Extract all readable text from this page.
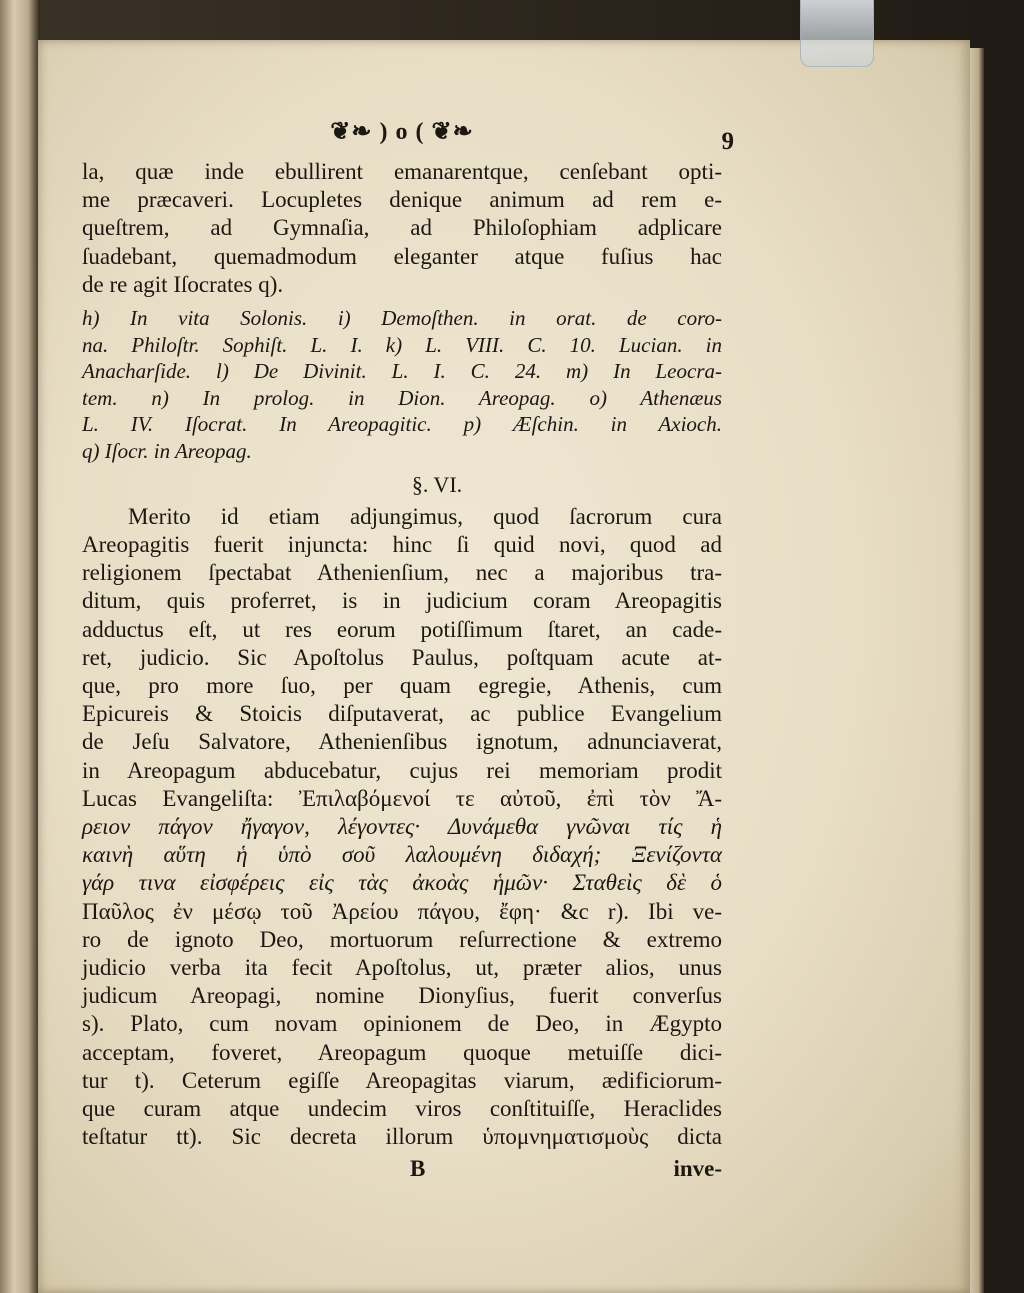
❦❧ ) o ( ❦❧	9
la, quæ inde ebullirent emanarentque, cenſebant opti-
me præcaveri. Locupletes denique animum ad rem e-
queſtrem, ad Gymnaſia, ad Philoſophiam adplicare
ſuadebant, quemadmodum eleganter atque fuſius hac
de re agit Iſocrates q).
h) In vita Solonis. i) Demoſthen. in orat. de coro-
na. Philoſtr. Sophiſt. L. I. k) L. VIII. C. 10. Lucian. in
Anacharſide. l) De Divinit. L. I. C. 24. m) In Leocra-
tem. n) In prolog. in Dion. Areopag. o) Athenæus
L. IV. Iſocrat. In Areopagitic. p) Æſchin. in Axioch.
q) Iſocr. in Areopag.
§. VI.
Merito id etiam adjungimus, quod ſacrorum cura
Areopagitis fuerit injuncta: hinc ſi quid novi, quod ad
religionem ſpectabat Athenienſium, nec a majoribus tra-
ditum, quis proferret, is in judicium coram Areopagitis
adductus eſt, ut res eorum potiſſimum ſtaret, an cade-
ret, judicio. Sic Apoſtolus Paulus, poſtquam acute at-
que, pro more ſuo, per quam egregie, Athenis, cum
Epicureis & Stoicis diſputaverat, ac publice Evangelium
de Jeſu Salvatore, Athenienſibus ignotum, adnunciaverat,
in Areopagum abducebatur, cujus rei memoriam prodit
Lucas Evangeliſta: Ἐπιλαβόμενοί τε αὐτοῦ, ἐπὶ τὸν Ἄ-
ρειον πάγον ἤγαγον, λέγοντες· Δυνάμεθα γνῶναι τίς ἡ
καινὴ αὕτη ἡ ὑπὸ σοῦ λαλουμένη διδαχή; Ξενίζοντα
γάρ τινα εἰσφέρεις εἰς τὰς ἀκοὰς ἡμῶν· Σταθεὶς δὲ ὁ
Παῦλος ἐν μέσῳ τοῦ Ἀρείου πάγου, ἔφη· &c r). Ibi ve-
ro de ignoto Deo, mortuorum reſurrectione & extremo
judicio verba ita fecit Apoſtolus, ut, præter alios, unus
judicum Areopagi, nomine Dionyſius, fuerit converſus
s). Plato, cum novam opinionem de Deo, in Ægypto
acceptam, foveret, Areopagum quoque metuiſſe dici-
tur t). Ceterum egiſſe Areopagitas viarum, ædificiorum-
que curam atque undecim viros conſtituiſſe, Heraclides
teſtatur tt). Sic decreta illorum ὑπομνηματισμοὺς dicta
B	inve-
